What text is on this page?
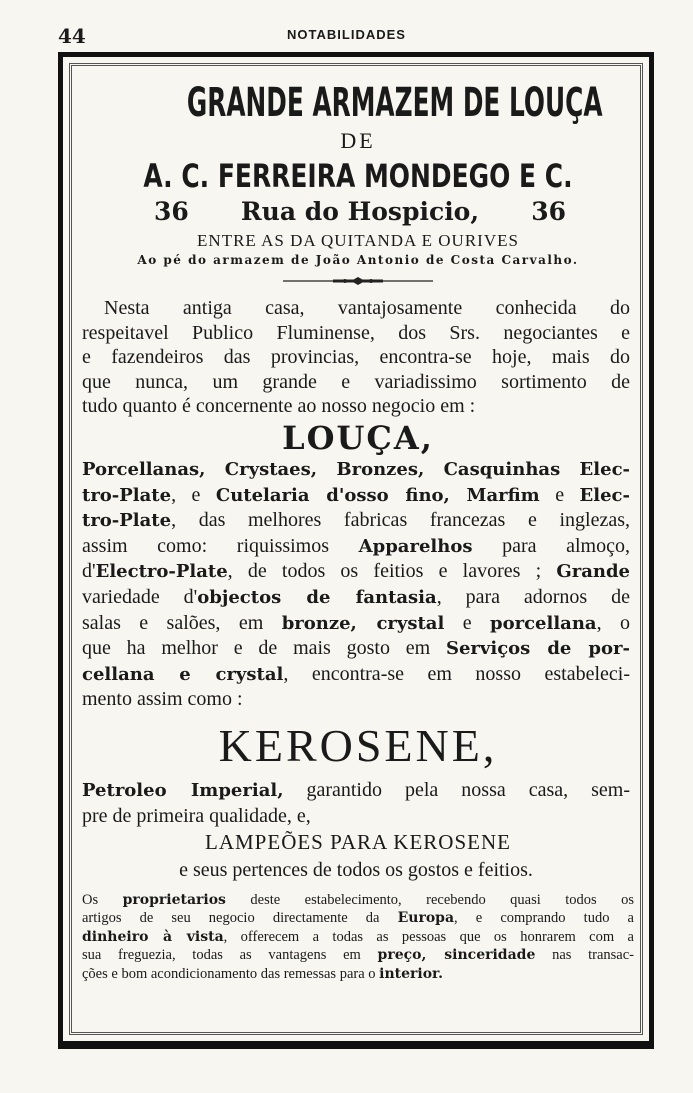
44	NOTABILIDADES
GRANDE ARMAZEM DE LOUÇA
DE
A. C. FERREIRA MONDEGO E C.
36 Rua do Hospicio, 36
ENTRE AS DA QUITANDA E OURIVES
Ao pé do armazem de João Antonio de Costa Carvalho.
Nesta antiga casa, vantajosamente conhecida do
respeitavel Publico Fluminense, dos Srs. negociantes e
e fazendeiros das provincias, encontra-se hoje, mais do
que nunca, um grande e variadissimo sortimento de
tudo quanto é concernente ao nosso negocio em :
LOUÇA,
Porcellanas, Crystaes, Bronzes, Casquinhas Elec-
tro-Plate, e Cutelaria d'osso fino, Marfim e Elec-
tro-Plate, das melhores fabricas francezas e inglezas,
assim como: riquissimos Apparelhos para almoço,
d'Electro-Plate, de todos os feitios e lavores ; Grande
variedade d'objectos de fantasia, para adornos de
salas e salões, em bronze, crystal e porcellana, o
que ha melhor e de mais gosto em Serviços de por-
cellana e crystal, encontra-se em nosso estabeleci-
mento assim como :
KEROSENE,
Petroleo Imperial, garantido pela nossa casa, sem-
pre de primeira qualidade, e,
LAMPEÕES PARA KEROSENE
e seus pertences de todos os gostos e feitios.
Os proprietarios deste estabelecimento, recebendo quasi todos os
artigos de seu negocio directamente da Europa, e comprando tudo a
dinheiro à vista, offerecem a todas as pessoas que os honrarem com a
sua freguezia, todas as vantagens em preço, sinceridade nas transac-
ções e bom acondicionamento das remessas para o interior.
